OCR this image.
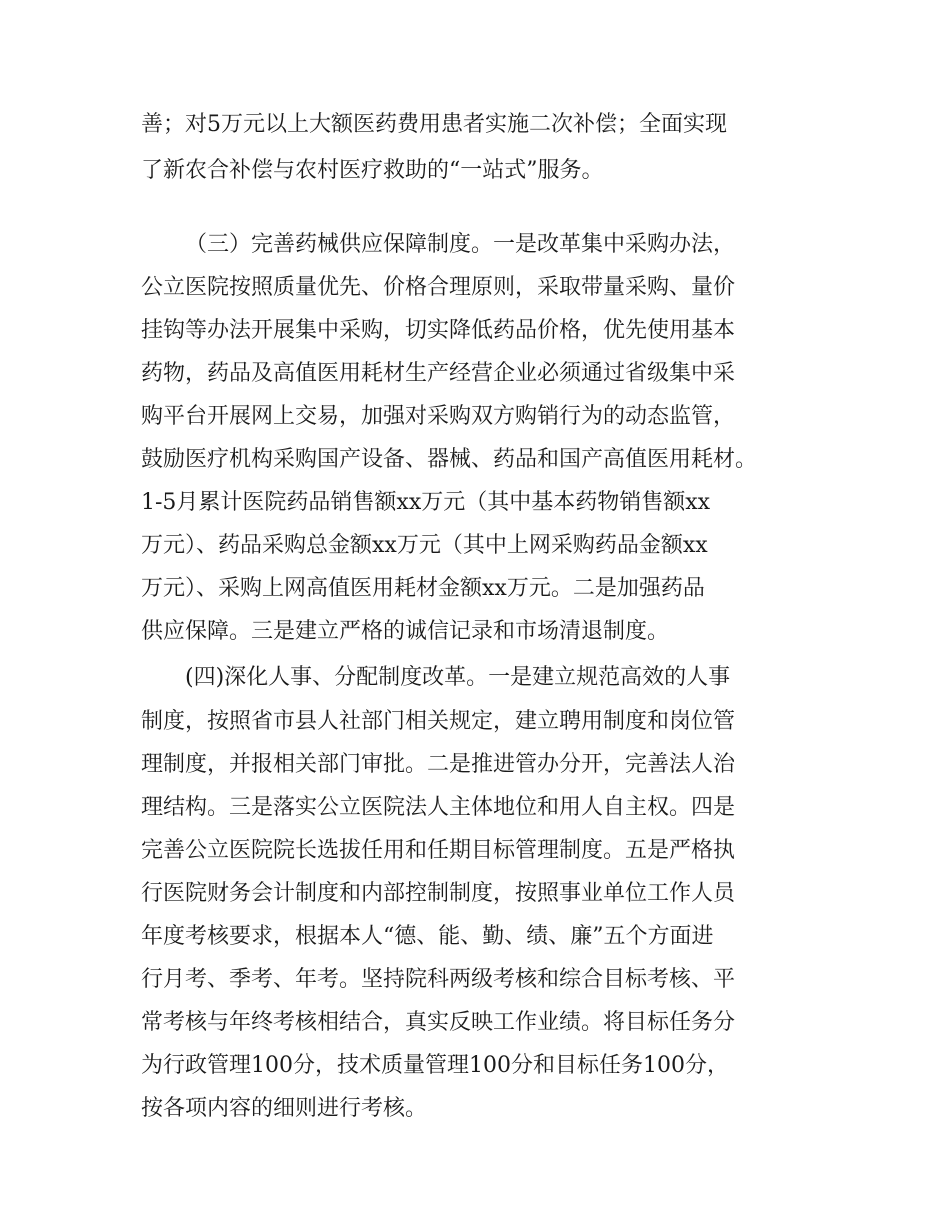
善；对5万元以上大额医药费用患者实施二次补偿；全面实现

了新农合补偿与农村医疗救助的“一站式”服务。

（三）完善药械供应保障制度。一是改革集中采购办法，

公立医院按照质量优先、价格合理原则，采取带量采购、量价

挂钩等办法开展集中采购，切实降低药品价格，优先使用基本

药物，药品及高值医用耗材生产经营企业必须通过省级集中采

购平台开展网上交易，加强对采购双方购销行为的动态监管，

鼓励医疗机构采购国产设备、器械、药品和国产高值医用耗材。

1-5月累计医院药品销售额xx万元（其中基本药物销售额xx

万元）、药品采购总金额xx万元（其中上网采购药品金额xx

万元）、采购上网高值医用耗材金额xx万元。二是加强药品

供应保障。三是建立严格的诚信记录和市场清退制度。

(四)深化人事、分配制度改革。一是建立规范高效的人事

制度，按照省市县人社部门相关规定，建立聘用制度和岗位管

理制度，并报相关部门审批。二是推进管办分开，完善法人治

理结构。三是落实公立医院法人主体地位和用人自主权。四是

完善公立医院院长选拔任用和任期目标管理制度。五是严格执

行医院财务会计制度和内部控制制度，按照事业单位工作人员

年度考核要求，根据本人“德、能、勤、绩、廉”五个方面进

行月考、季考、年考。坚持院科两级考核和综合目标考核、平

常考核与年终考核相结合，真实反映工作业绩。将目标任务分

为行政管理100分，技术质量管理100分和目标任务100分，

按各项内容的细则进行考核。
